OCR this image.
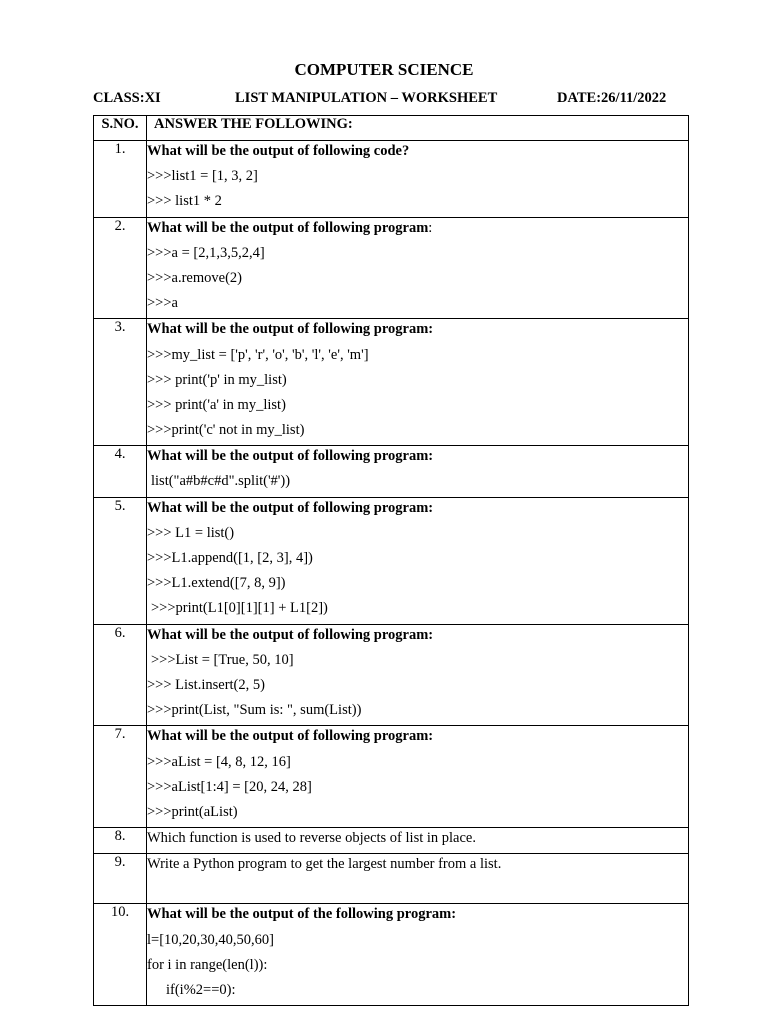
COMPUTER SCIENCE
CLASS:XI	LIST MANIPULATION – WORKSHEET	DATE:26/11/2022
S.NO.	ANSWER THE FOLLOWING:
1.	What will be the output of following code?
>>>list1 = [1, 3, 2]
>>> list1 * 2

2.	What will be the output of following program:
>>>a = [2,1,3,5,2,4]
>>>a.remove(2)
>>>a

3.	What will be the output of following program:
>>>my_list = ['p', 'r', 'o', 'b', 'l', 'e', 'm']
>>> print('p' in my_list)
>>> print('a' in my_list)
>>>print('c' not in my_list)

4.	What will be the output of following program:
list("a#b#c#d".split('#'))

5.	What will be the output of following program:
>>> L1 = list()
>>>L1.append([1, [2, 3], 4])
>>>L1.extend([7, 8, 9])
>>>print(L1[0][1][1] + L1[2])

6.	What will be the output of following program:
>>>List = [True, 50, 10]
>>> List.insert(2, 5)
>>>print(List, "Sum is: ", sum(List))

7.	What will be the output of following program:
>>>aList = [4, 8, 12, 16]
>>>aList[1:4] = [20, 24, 28]
>>>print(aList)

8.	Which function is used to reverse objects of list in place.

9.	Write a Python program to get the largest number from a list.

10.	What will be the output of the following program:
l=[10,20,30,40,50,60]
for i in range(len(l)):
if(i%2==0):
